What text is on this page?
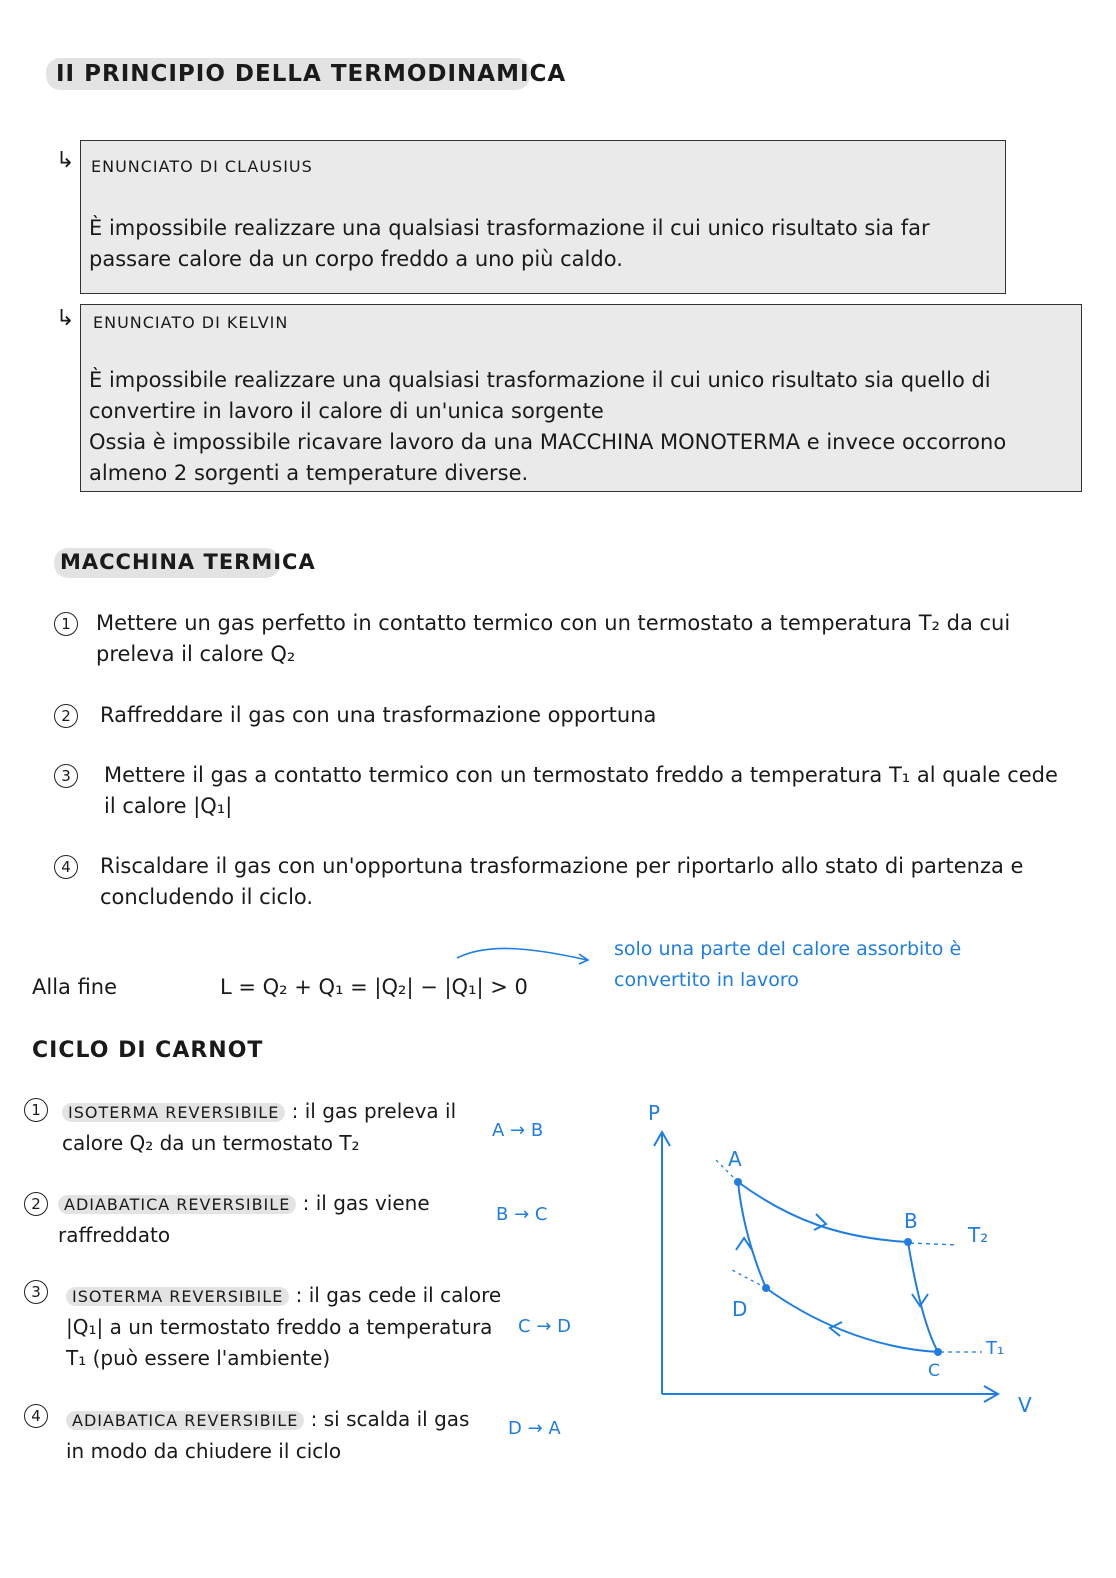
II PRINCIPIO DELLA TERMODINAMICA
↳ ENUNCIATO DI CLAUSIUS
È impossibile realizzare una qualsiasi trasformazione il cui unico risultato sia far passare calore da un corpo freddo a uno più caldo.
↳ ENUNCIATO DI KELVIN
È impossibile realizzare una qualsiasi trasformazione il cui unico risultato sia quello di convertire in lavoro il calore di un'unica sorgente
Ossia è impossibile ricavare lavoro da una MACCHINA MONOTERMA e invece occorrono almeno 2 sorgenti a temperature diverse.
MACCHINA TERMICA
1	Mettere un gas perfetto in contatto termico con un termostato a temperatura T₂ da cui preleva il calore Q₂
2	Raffreddare il gas con una trasformazione opportuna
3	Mettere il gas a contatto termico con un termostato freddo a temperatura T₁ al quale cede il calore |Q₁|
4	Riscaldare il gas con un'opportuna trasformazione per riportarlo allo stato di partenza e concludendo il ciclo.
Alla fine	L = Q₂ + Q₁ = |Q₂| − |Q₁| > 0
solo una parte del calore assorbito è convertito in lavoro
CICLO DI CARNOT
1	ISOTERMA REVERSIBILE : il gas preleva il calore Q₂ da un termostato T₂
A → B
2	ADIABATICA REVERSIBILE : il gas viene raffreddato
B → C
3	ISOTERMA REVERSIBILE : il gas cede il calore |Q₁| a un termostato freddo a temperatura T₁ (può essere l'ambiente)
C → D
4	ADIABATICA REVERSIBILE : si scalda il gas in modo da chiudere il ciclo
D → A
P
V
A
B
C
D
T₂
T₁
